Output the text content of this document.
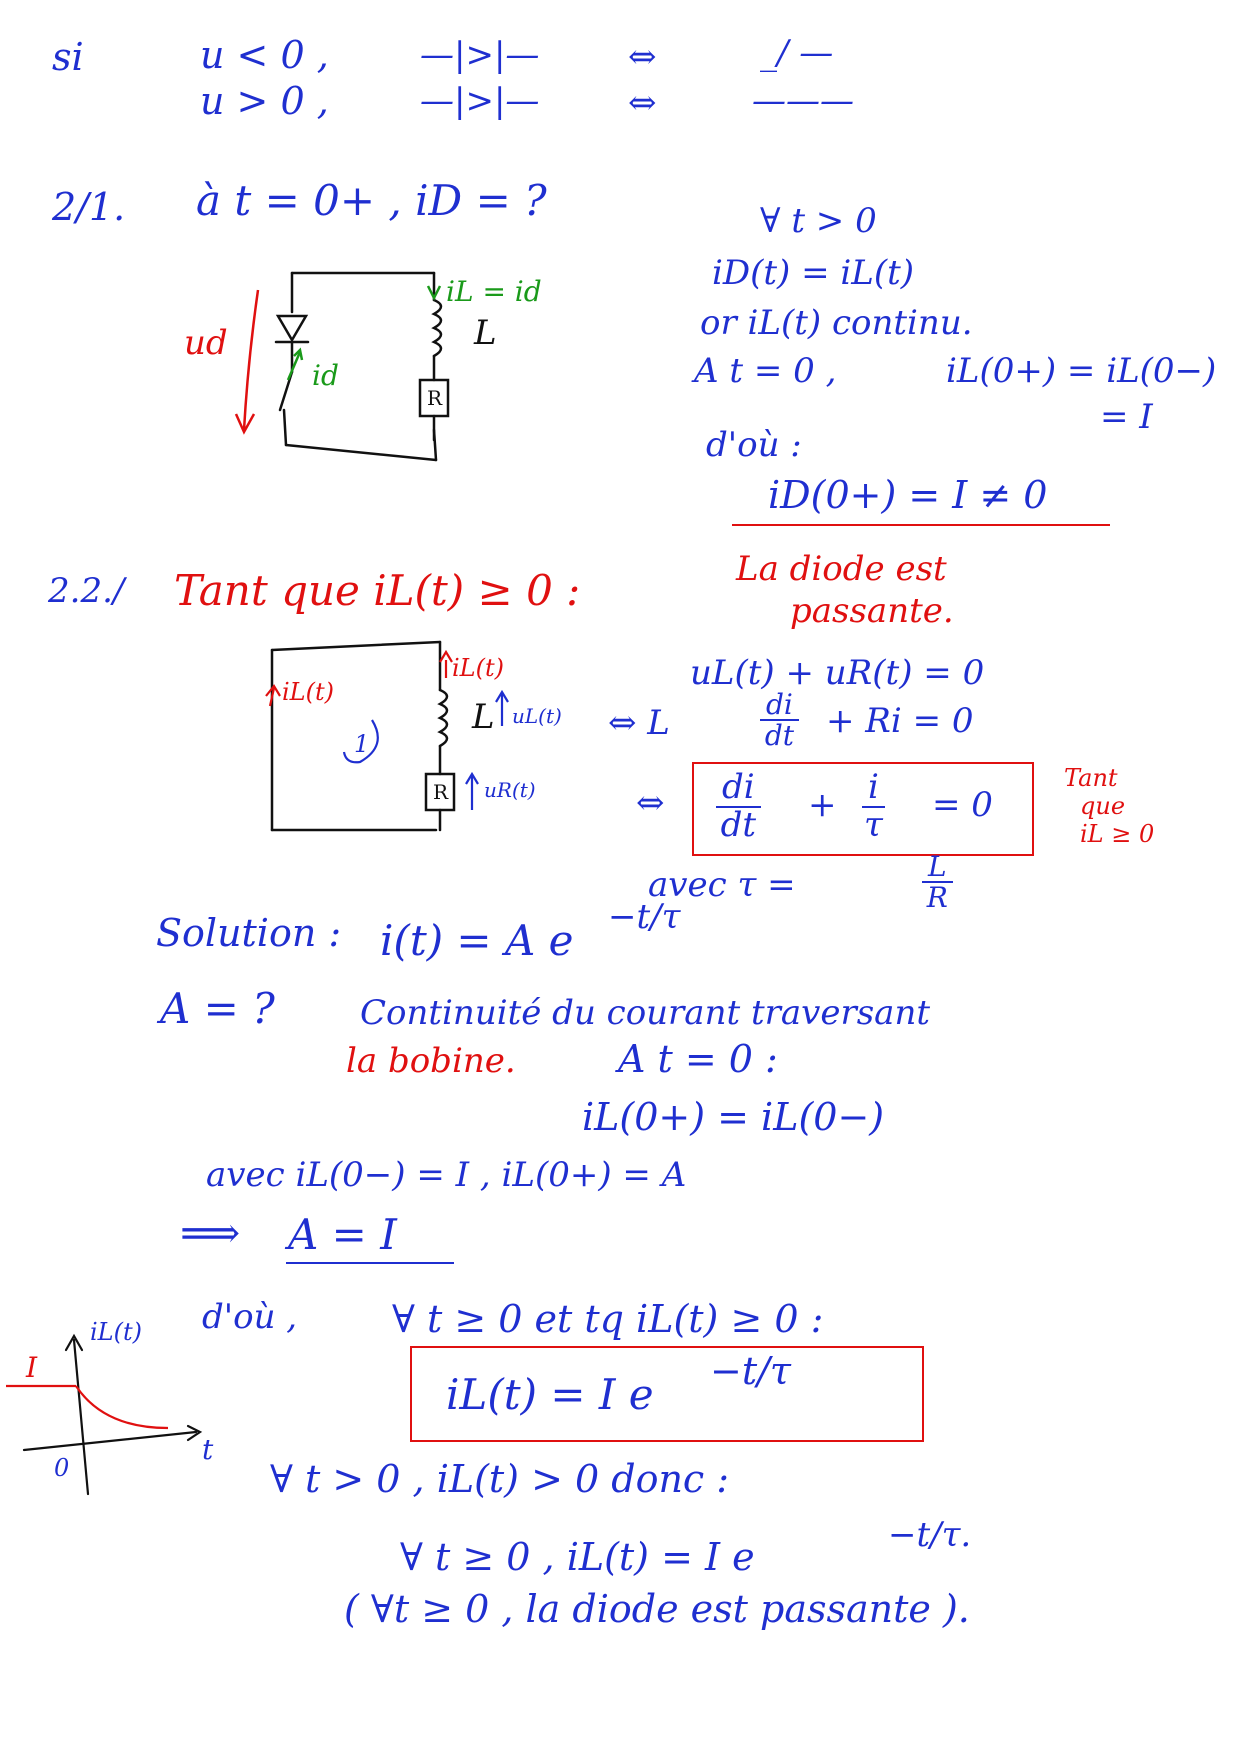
si	u < 0 ,	—|>|—	⇔	_/ —
u > 0 ,	—|>|—	⇔	———
2/1. à t = 0+ , iD = ?	∀ t > 0
iD(t) = iL(t)
or iL(t) continu.
A t = 0 ,	iL(0+) = iL(0−)
= I
d'où :
iD(0+) = I ≠ 0
La diode est
passante.
ud
iL = id
L
id
R
2.2./ Tant que iL(t) ≥ 0 :
iL(t)
iL(t)
L uL(t)
uR(t)
1
R
uL(t) + uR(t) = 0
⇔ L	$\frac{di}{dt} + Ri = 0$
⇔ $\frac{di}{dt} + \frac{i}{\tau} = 0$
Tant
que
iL ≥ 0
avec τ =	$\frac{L}{R}$
Solution : i(t) = A e −t/τ
A = ?	Continuité du courant traversant
la bobine.	A t = 0 :
iL(0+) = iL(0−)
avec iL(0−) = I , iL(0+) = A
⟹ A = I
d'où , ∀ t ≥ 0 et tq iL(t) ≥ 0 :
iL(t) = I e −t/τ
iL(t)
t
I
0	∀ t > 0 , iL(t) > 0 donc :
∀ t ≥ 0 , iL(t) = I e	−t/τ.
( ∀t ≥ 0 , la diode est passante ).
